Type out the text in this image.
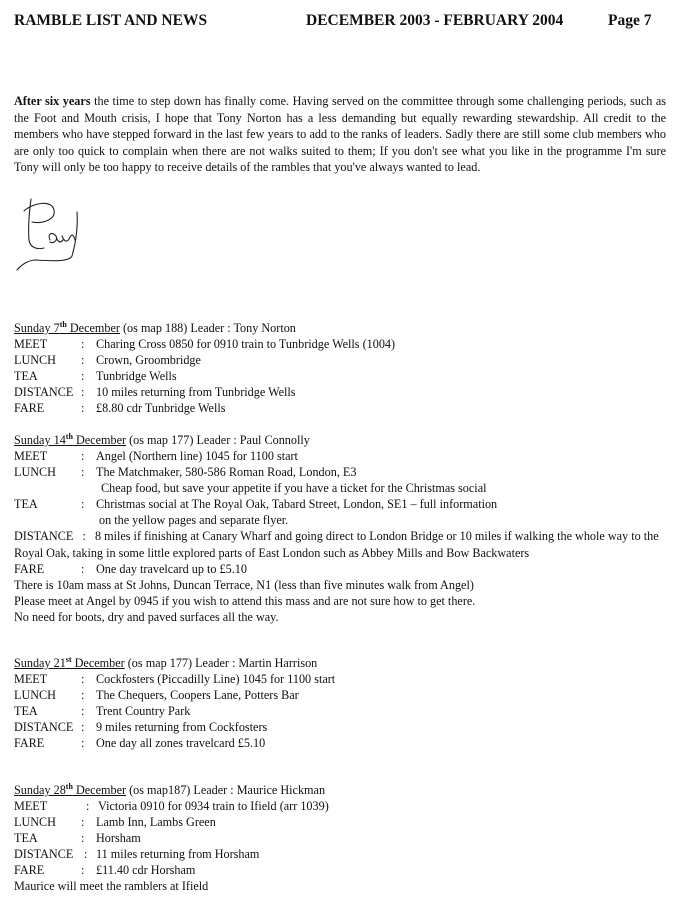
RAMBLE LIST AND NEWS	DECEMBER 2003 - FEBRUARY 2004	Page 7

After six years the time to step down has finally come. Having served on the committee through some challenging periods, such as the Foot and Mouth crisis, I hope that Tony Norton has a less demanding but equally rewarding stewardship. All credit to the members who have stepped forward in the last few years to add to the ranks of leaders. Sadly there are still some club members who are only too quick to complain when there are not walks suited to them; If you don't see what you like in the programme I'm sure Tony will only be too happy to receive details of the rambles that you've always wanted to lead.

Sunday 7th December (os map 188) Leader : Tony Norton
MEET	: Charing Cross 0850 for 0910 train to Tunbridge Wells (1004)
LUNCH : Crown, Groombridge
TEA	: Tunbridge Wells
DISTANCE : 10 miles returning from Tunbridge Wells
FARE	: £8.80 cdr Tunbridge Wells
Sunday 14th December (os map 177) Leader : Paul Connolly
MEET	: Angel (Northern line) 1045 for 1100 start
LUNCH : The Matchmaker, 580-586 Roman Road, London, E3
Cheap food, but save your appetite if you have a ticket for the Christmas social
TEA	: Christmas social at The Royal Oak, Tabard Street, London, SE1 – full information
on the yellow pages and separate flyer.
DISTANCE   :   8 miles if finishing at Canary Wharf and going direct to London Bridge or 10 miles if walking the whole way to the Royal Oak, taking in some little explored parts of East London such as Abbey Mills and Bow Backwaters
FARE	: One day travelcard up to £5.10
There is 10am mass at St Johns, Duncan Terrace, N1 (less than five minutes walk from Angel)
Please meet at Angel by 0945 if you wish to attend this mass and are not sure how to get there.
No need for boots, dry and paved surfaces all the way.
Sunday 21st December (os map 177) Leader : Martin Harrison
MEET	: Cockfosters (Piccadilly Line) 1045 for 1100 start
LUNCH : The Chequers, Coopers Lane, Potters Bar
TEA	: Trent Country Park
DISTANCE : 9 miles returning from Cockfosters
FARE	: One day all zones travelcard £5.10
Sunday 28th December (os map187) Leader : Maurice Hickman
MEET	: Victoria 0910 for 0934 train to Ifield (arr 1039)
LUNCH : Lamb Inn, Lambs Green
TEA	: Horsham
DISTANCE : 11 miles returning from Horsham
FARE	: £11.40 cdr Horsham
Maurice will meet the ramblers at Ifield
